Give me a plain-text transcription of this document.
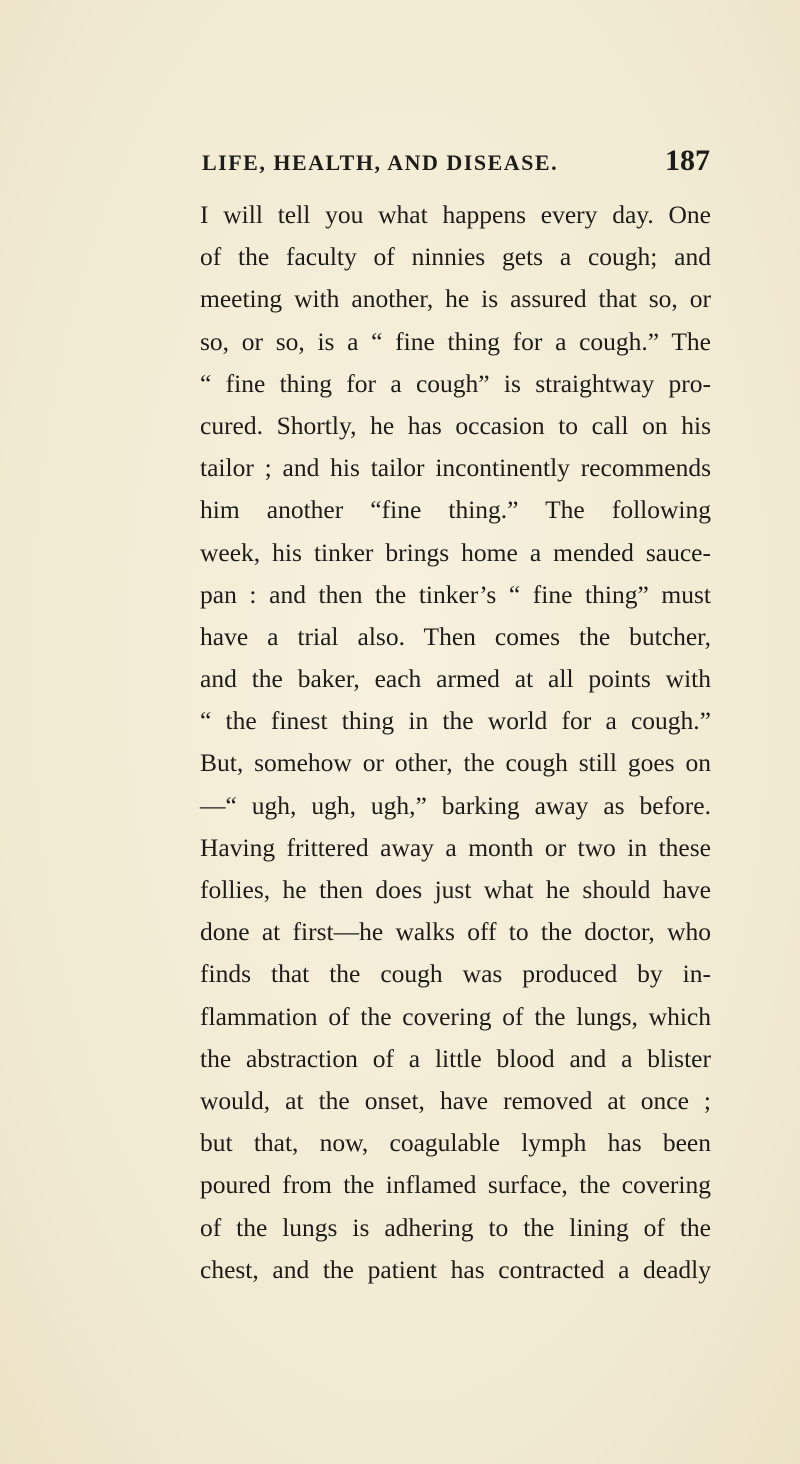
LIFE, HEALTH, AND DISEASE.	187
I will tell you what happens every day. One
of the faculty of ninnies gets a cough; and
meeting with another, he is assured that so, or
so, or so, is a “ fine thing for a cough.” The
“ fine thing for a cough” is straightway pro-
cured. Shortly, he has occasion to call on his
tailor ; and his tailor incontinently recommends
him another “fine thing.” The following
week, his tinker brings home a mended sauce-
pan : and then the tinker’s “ fine thing” must
have a trial also. Then comes the butcher,
and the baker, each armed at all points with
“ the finest thing in the world for a cough.”
But, somehow or other, the cough still goes on
—“ ugh, ugh, ugh,” barking away as before.
Having frittered away a month or two in these
follies, he then does just what he should have
done at first—he walks off to the doctor, who
finds that the cough was produced by in-
flammation of the covering of the lungs, which
the abstraction of a little blood and a blister
would, at the onset, have removed at once ;
but that, now, coagulable lymph has been
poured from the inflamed surface, the covering
of the lungs is adhering to the lining of the
chest, and the patient has contracted a deadly
